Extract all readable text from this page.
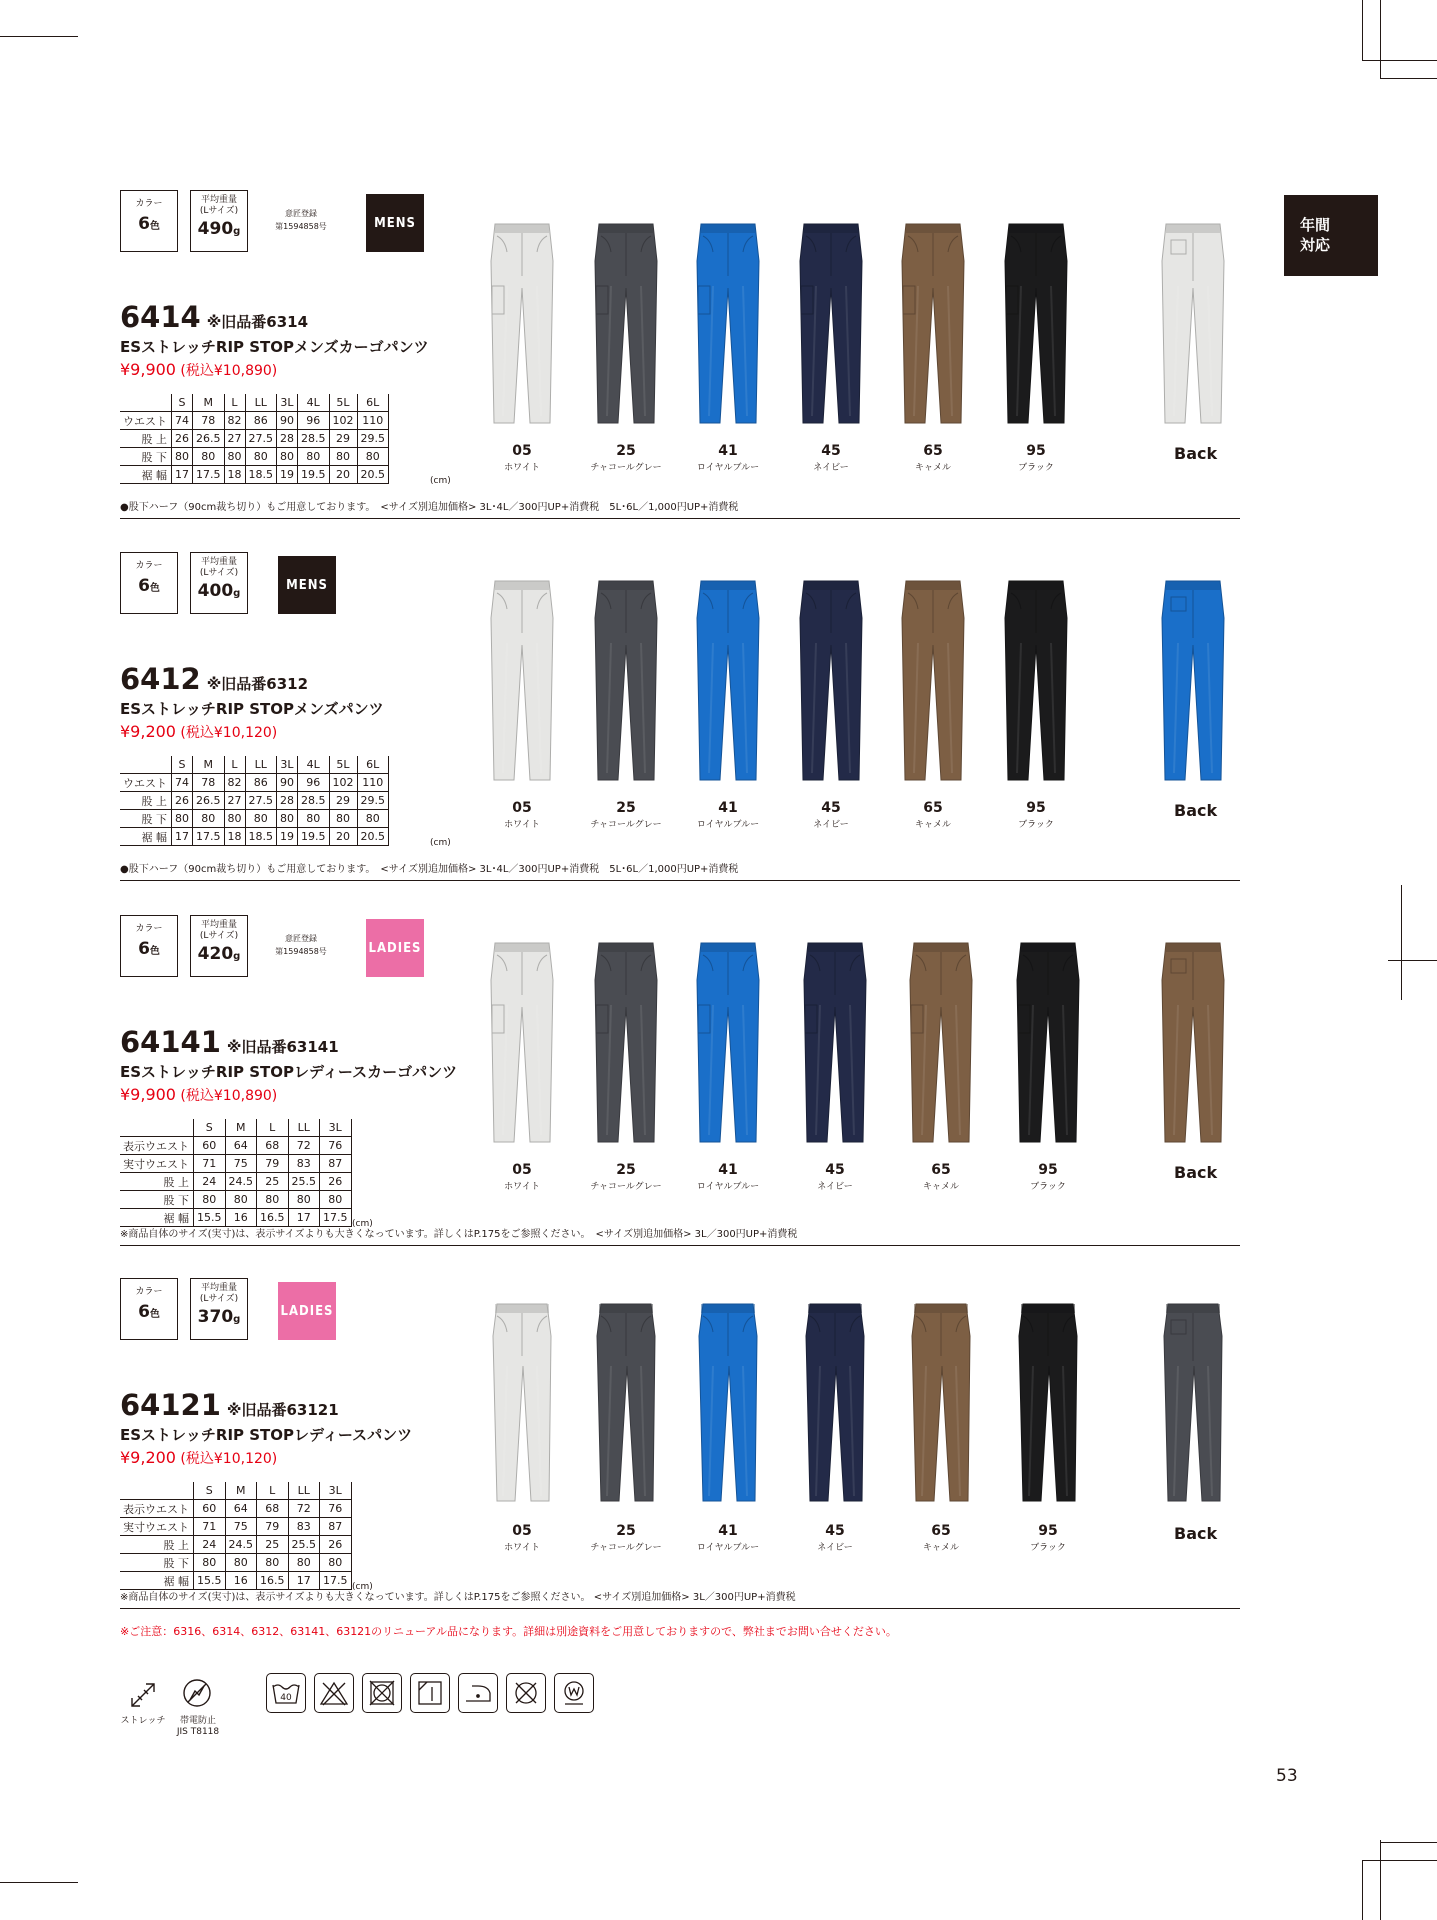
年間
対応
カラー
6色
平均重量
(Lサイズ)
490g
意匠登録
第1594858号	MENS
6414 ※旧品番6314
ESストレッチRIP STOPメンズカーゴパンツ
¥9,900 (税込¥10,890)
	S	M	L	LL	3L	4L	5L	6L
ウエスト	74	78	82	86	90	96	102	110
股 上	26	26.5	27	27.5	28	28.5	29	29.5
股 下	80	80	80	80	80	80	80	80
裾 幅	17	17.5	18	18.5	19	19.5	20	20.5	(cm)
●股下ハーフ（90cm裁ち切り）もご用意しております。　<サイズ別追加価格> 3L･4L／300円UP+消費税　5L･6L／1,000円UP+消費税
05
ホワイト
25
チャコールグレー
41
ロイヤルブルー
45
ネイビー
65
キャメル
95
ブラック
Back
カラー
6色
平均重量
(Lサイズ)
400g
MENS
6412 ※旧品番6312
ESストレッチRIP STOPメンズパンツ
¥9,200 (税込¥10,120)
	S	M	L	LL	3L	4L	5L	6L
ウエスト	74	78	82	86	90	96	102	110
股 上	26	26.5	27	27.5	28	28.5	29	29.5
股 下	80	80	80	80	80	80	80	80
裾 幅	17	17.5	18	18.5	19	19.5	20	20.5	(cm)
●股下ハーフ（90cm裁ち切り）もご用意しております。　<サイズ別追加価格> 3L･4L／300円UP+消費税　5L･6L／1,000円UP+消費税
05
ホワイト
25
チャコールグレー
41
ロイヤルブルー
45
ネイビー
65
キャメル
95
ブラック
Back
カラー
6色
平均重量
(Lサイズ)
420g
意匠登録
第1594858号	LADIES
64141 ※旧品番63141
ESストレッチRIP STOPレディースカーゴパンツ
¥9,900 (税込¥10,890)
	S	M	L	LL	3L
表示ウエスト	60	64	68	72	76
実寸ウエスト	71	75	79	83	87
股 上	24	24.5	25	25.5	26
股 下	80	80	80	80	80
裾 幅	15.5	16	16.5	17	17.5 (cm)
※商品自体のサイズ(実寸)は、表示サイズよりも大きくなっています。詳しくはP.175をご参照ください。　<サイズ別追加価格> 3L／300円UP+消費税
05
ホワイト
25
チャコールグレー
41
ロイヤルブルー
45
ネイビー
65
キャメル
95
ブラック
Back
カラー
6色
平均重量
(Lサイズ)
370g
LADIES
64121 ※旧品番63121
ESストレッチRIP STOPレディースパンツ
¥9,200 (税込¥10,120)
	S	M	L	LL	3L
表示ウエスト	60	64	68	72	76
実寸ウエスト	71	75	79	83	87
股 上	24	24.5	25	25.5	26
股 下	80	80	80	80	80
裾 幅	15.5	16	16.5	17	17.5 (cm)
※商品自体のサイズ(実寸)は、表示サイズよりも大きくなっています。詳しくはP.175をご参照ください。 <サイズ別追加価格> 3L／300円UP+消費税
05
ホワイト
25
チャコールグレー
41
ロイヤルブルー
45
ネイビー
65
キャメル
95
ブラック
Back
※ご注意：6316、6314、6312、63141、63121のリニューアル品になります。詳細は別途資料をご用意しておりますので、弊社までお問い合せください。
ストレッチ	帯電防止
JIS T8118
40
53
